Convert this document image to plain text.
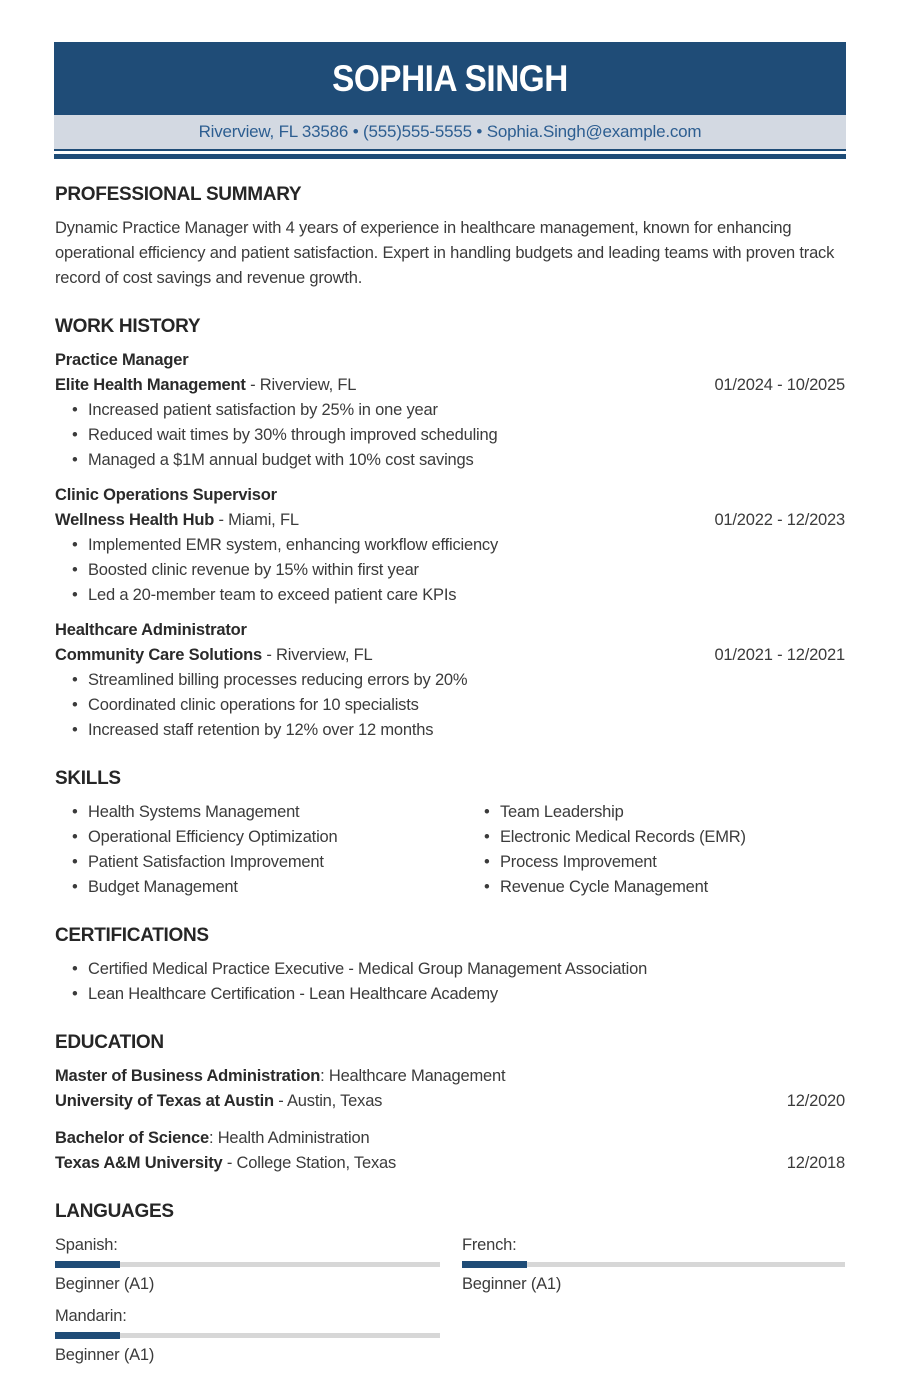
SOPHIA SINGH
Riverview, FL 33586 • (555)555-5555 • Sophia.Singh@example.com
PROFESSIONAL SUMMARY

Dynamic Practice Manager with 4 years of experience in healthcare management, known for enhancing operational efficiency and patient satisfaction. Expert in handling budgets and leading teams with proven track record of cost savings and revenue growth.

WORK HISTORY
Practice Manager
Elite Health Management - Riverview, FL	01/2024 - 10/2025
• Increased patient satisfaction by 25% in one year
• Reduced wait times by 30% through improved scheduling
• Managed a $1M annual budget with 10% cost savings
Clinic Operations Supervisor
Wellness Health Hub - Miami, FL	01/2022 - 12/2023
• Implemented EMR system, enhancing workflow efficiency
• Boosted clinic revenue by 15% within first year
• Led a 20-member team to exceed patient care KPIs
Healthcare Administrator
Community Care Solutions - Riverview, FL	01/2021 - 12/2021
• Streamlined billing processes reducing errors by 20%
• Coordinated clinic operations for 10 specialists
• Increased staff retention by 12% over 12 months
SKILLS
• Health Systems Management
• Operational Efficiency Optimization
• Patient Satisfaction Improvement
• Budget Management
• Team Leadership
• Electronic Medical Records (EMR)
• Process Improvement
• Revenue Cycle Management
CERTIFICATIONS
• Certified Medical Practice Executive - Medical Group Management Association
• Lean Healthcare Certification - Lean Healthcare Academy
EDUCATION
Master of Business Administration: Healthcare Management
University of Texas at Austin - Austin, Texas	12/2020
Bachelor of Science: Health Administration
Texas A&M University - College Station, Texas	12/2018
LANGUAGES
Spanish:
Beginner (A1)
French:
Beginner (A1)
Mandarin:
Beginner (A1)
